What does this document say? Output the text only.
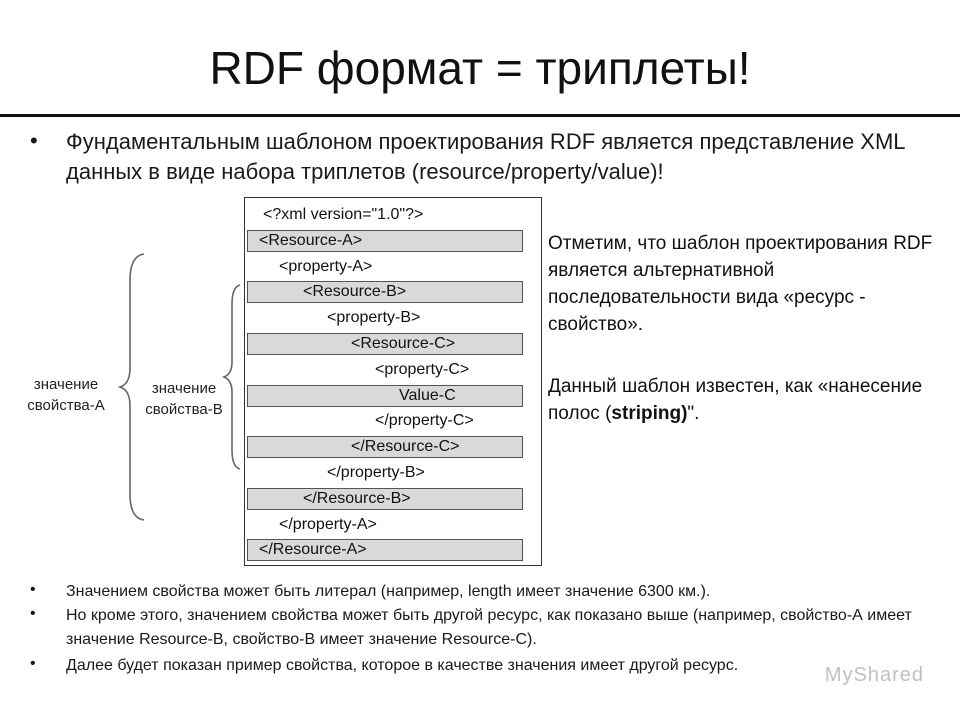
RDF формат = триплеты!
• Фундаментальным шаблоном проектирования RDF является представление XML данных в виде набора триплетов (resource/property/value)!
<?xml version="1.0"?>
<Resource-A>
<property-A>
<Resource-B>
<property-B>
<Resource-C>
<property-C>
Value-C
</property-C>
</Resource-C>
</property-B>
</Resource-B>
</property-A>
</Resource-A>
значение
свойства-А
значение
свойства-В
Отметим, что шаблон проектирования RDF является альтернативной последовательности вида «ресурс - свойство».
Данный шаблон известен, как «нанесение полос (striping)".
• Значением свойства может быть литерал (например, length имеет значение 6300 км.).
• Но кроме этого, значением свойства может быть другой ресурс, как показано выше (например, свойство-А имеет значение Resource-B, свойство-В имеет значение Resource-C).
• Далее будет показан пример свойства, которое в качестве значения имеет другой ресурс.	MyShared
